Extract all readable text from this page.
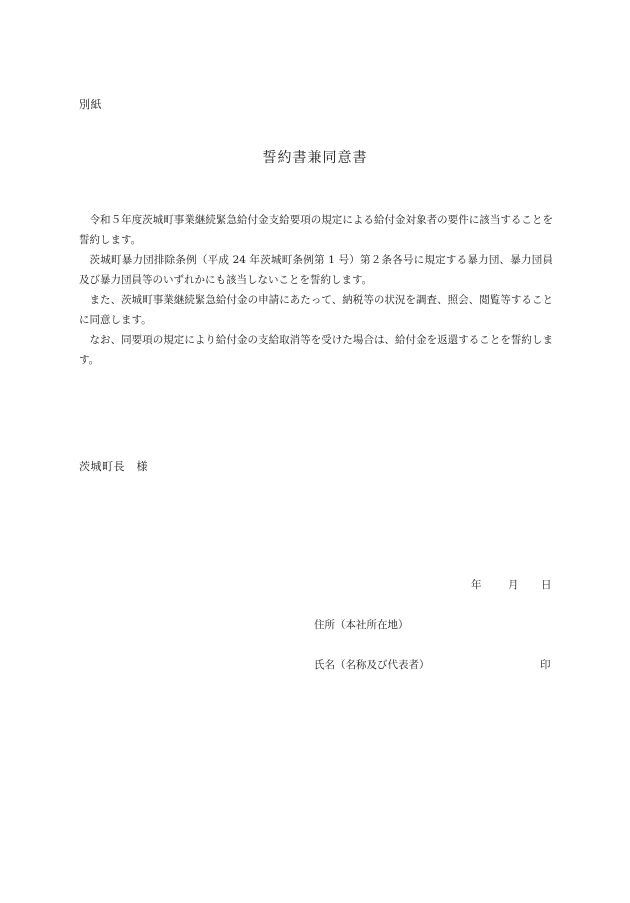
別紙
誓約書兼同意書

令和５年度茨城町事業継続緊急給付金支給要項の規定による給付金対象者の要件に該当することを誓約します。

茨城町暴力団排除条例（平成 24 年茨城町条例第 1 号）第２条各号に規定する暴力団、暴力団員及び暴力団員等のいずれかにも該当しないことを誓約します。

また、茨城町事業継続緊急給付金の申請にあたって、納税等の状況を調査、照会、閲覧等することに同意します。

なお、同要項の規定により給付金の支給取消等を受けた場合は、給付金を返還することを誓約します。

茨城町長　様
年	月 日
住所（本社所在地）
氏名（名称及び代表者）	印
